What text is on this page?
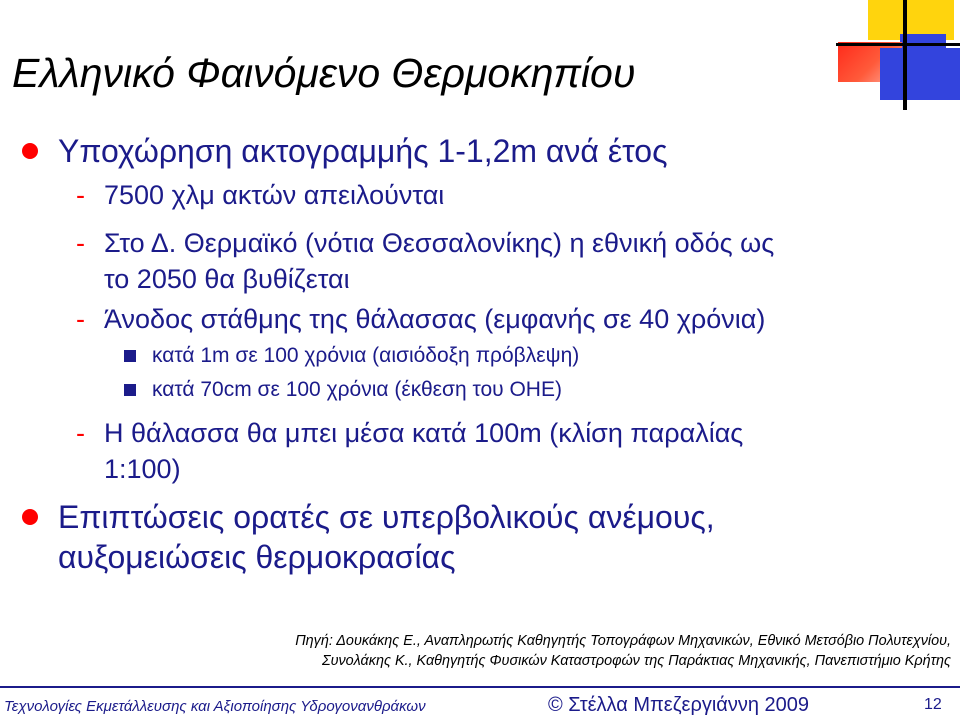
Ελληνικό Φαινόμενο Θερμοκηπίου
Υποχώρηση ακτογραμμής 1-1,2m ανά έτος
- 7500 χλμ ακτών απειλούνται
- Στο Δ. Θερμαϊκό (νότια Θεσσαλονίκης) η εθνική οδός ως
το 2050 θα βυθίζεται
- Άνοδος στάθμης της θάλασσας (εμφανής σε 40 χρόνια)
κατά 1m σε 100 χρόνια (αισιόδοξη πρόβλεψη)
κατά 70cm σε 100 χρόνια (έκθεση του ΟΗΕ)
- Η θάλασσα θα μπει μέσα κατά 100m (κλίση παραλίας
1:100)
Επιπτώσεις ορατές σε υπερβολικούς ανέμους,
αυξομειώσεις θερμοκρασίας
Πηγή: Δουκάκης Ε., Αναπληρωτής Καθηγητής Τοπογράφων Μηχανικών, Εθνικό Μετσόβιο Πολυτεχνίου,
Συνολάκης Κ., Καθηγητής Φυσικών Καταστροφών της Παράκτιας Μηχανικής, Πανεπιστήμιο Κρήτης
Τεχνολογίες Εκμετάλλευσης και Αξιοποίησης Υδρογονανθράκων	© Στέλλα Μπεζεργιάννη 2009	12
